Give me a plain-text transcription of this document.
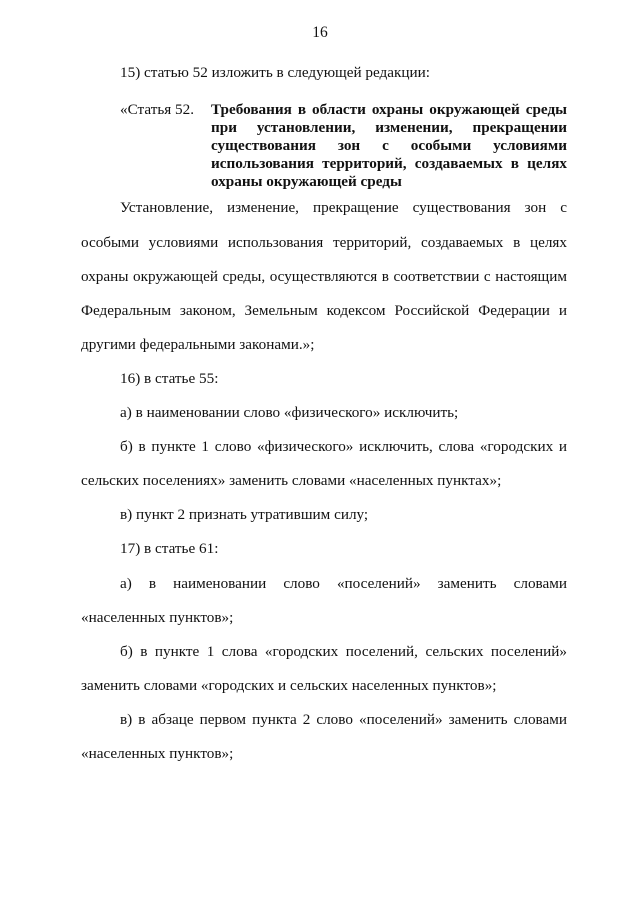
16
15) статью 52 изложить в следующей редакции:
«Статья 52. Требования в области охраны окружающей среды
при установлении, изменении, прекращении
существования зон с особыми условиями
использования территорий, создаваемых в целях
охраны окружающей среды
Установление, изменение, прекращение существования зон с
особыми условиями использования территорий, создаваемых в целях
охраны окружающей среды, осуществляются в соответствии с настоящим
Федеральным законом, Земельным кодексом Российской Федерации и
другими федеральными законами.»;
16) в статье 55:
а) в наименовании слово «физического» исключить;
б) в пункте 1 слово «физического» исключить, слова «городских и
сельских поселениях» заменить словами «населенных пунктах»;
в) пункт 2 признать утратившим силу;
17) в статье 61:
а) в наименовании слово «поселений» заменить словами
«населенных пунктов»;
б) в пункте 1 слова «городских поселений, сельских поселений»
заменить словами «городских и сельских населенных пунктов»;
в) в абзаце первом пункта 2 слово «поселений» заменить словами
«населенных пунктов»;
